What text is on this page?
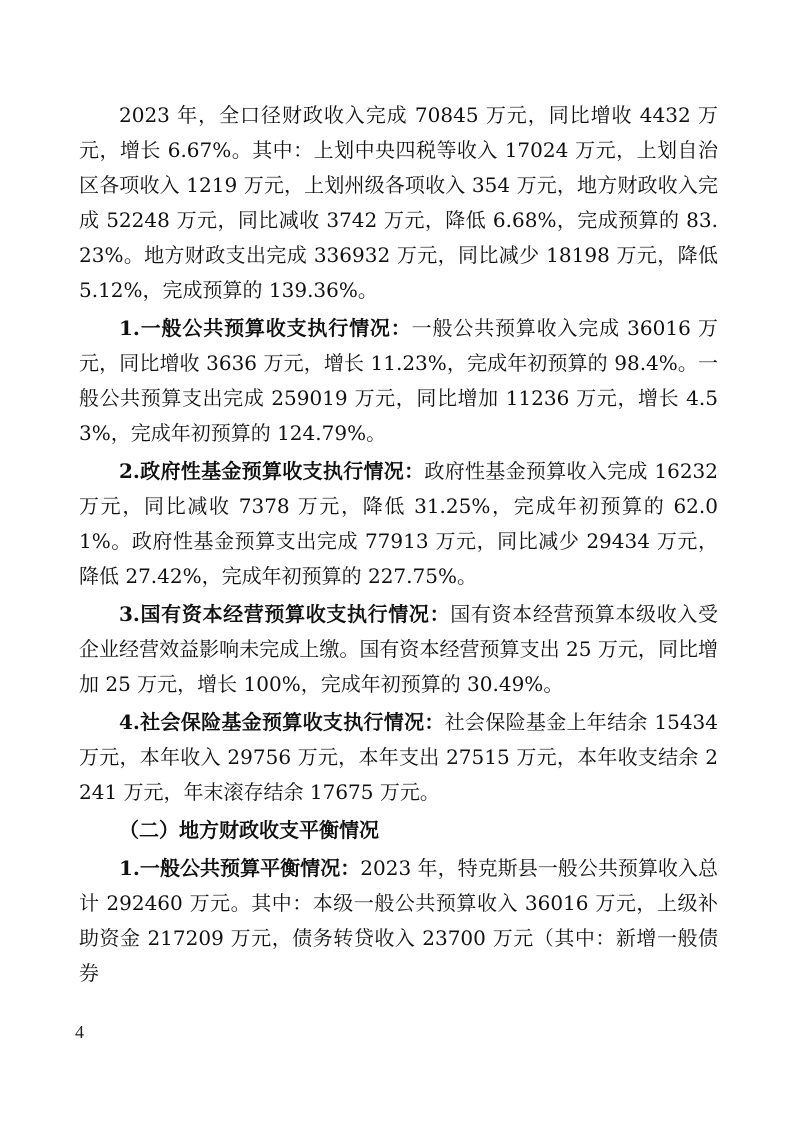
2023 年，全口径财政收入完成 70845 万元，同比增收 4432 万元，增长 6.67%。其中：上划中央四税等收入 17024 万元，上划自治区各项收入 1219 万元，上划州级各项收入 354 万元，地方财政收入完成 52248 万元，同比减收 3742 万元，降低 6.68%，完成预算的 83.23%。地方财政支出完成 336932 万元，同比减少 18198 万元，降低 5.12%，完成预算的 139.36%。

1.一般公共预算收支执行情况：一般公共预算收入完成 36016 万元，同比增收 3636 万元，增长 11.23%，完成年初预算的 98.4%。一般公共预算支出完成 259019 万元，同比增加 11236 万元，增长 4.53%，完成年初预算的 124.79%。

2.政府性基金预算收支执行情况：政府性基金预算收入完成 16232 万元，同比减收 7378 万元，降低 31.25%，完成年初预算的 62.01%。政府性基金预算支出完成 77913 万元，同比减少 29434 万元，降低 27.42%，完成年初预算的 227.75%。

3.国有资本经营预算收支执行情况：国有资本经营预算本级收入受企业经营效益影响未完成上缴。国有资本经营预算支出 25 万元，同比增加 25 万元，增长 100%，完成年初预算的 30.49%。

4.社会保险基金预算收支执行情况：社会保险基金上年结余 15434 万元，本年收入 29756 万元，本年支出 27515 万元，本年收支结余 2241 万元，年末滚存结余 17675 万元。

（二）地方财政收支平衡情况

1.一般公共预算平衡情况：2023 年，特克斯县一般公共预算收入总计 292460 万元。其中：本级一般公共预算收入 36016 万元，上级补助资金 217209 万元，债务转贷收入 23700 万元（其中：新增一般债券

4
